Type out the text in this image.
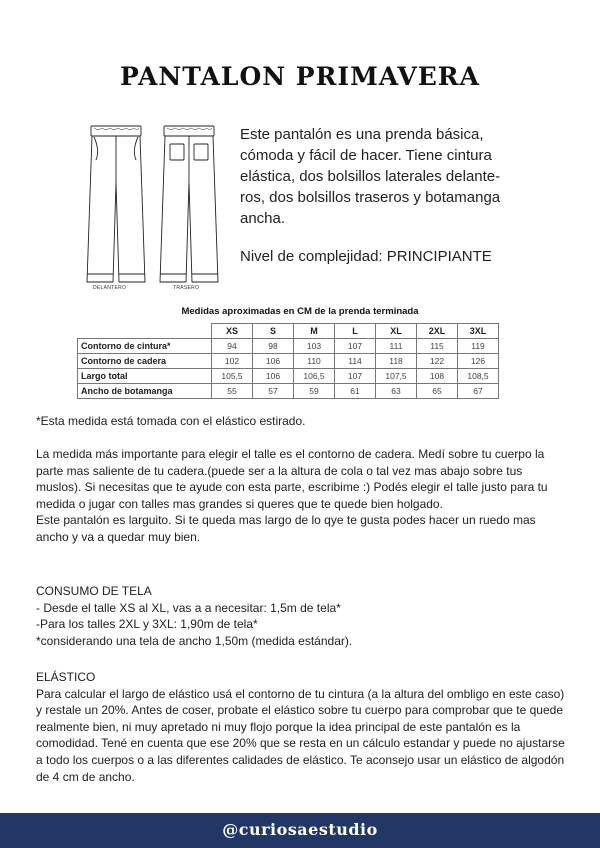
PANTALON PRIMAVERA
DELANTERO	TRASERO
Este pantalón es una prenda básica, cómoda y fácil de hacer. Tiene cintura elástica, dos bolsillos laterales delante-ros, dos bolsillos traseros y botamanga ancha.
Nivel de complejidad: PRINCIPIANTE
Medidas aproximadas en CM de la prenda terminada
	XS	S	M	L	XL	2XL	3XL
Contorno de cintura*	94	98	103	107	111	115	119
Contorno de cadera	102	106	110	114	118	122	126
Largo total	105,5	106	106,5	107	107,5	108	108,5
Ancho de botamanga	55	57	59	61	63	65	67
*Esta medida está tomada con el elástico estirado.

La medida más importante para elegir el talle es el contorno de cadera. Medí sobre tu cuerpo la parte mas saliente de tu cadera.(puede ser a la altura de cola o tal vez mas abajo sobre tus muslos). Si necesitas que te ayude con esta parte, escribime :) Podés elegir el talle justo para tu medida o jugar con talles mas grandes si queres que te quede bien holgado.

Este pantalón es larguito. Si te queda mas largo de lo qye te gusta podes hacer un ruedo mas ancho y va a quedar muy bien.

CONSUMO DE TELA

- Desde el talle XS al XL, vas a a necesitar: 1,5m de tela*

-Para los talles 2XL y 3XL: 1,90m de tela*

*considerando una tela de ancho 1,50m (medida estándar).

ELÁSTICO

Para calcular el largo de elástico usá el contorno de tu cintura (a la altura del ombligo en este caso) y restale un 20%. Antes de coser, probate el elástico sobre tu cuerpo para comprobar que te quede realmente bien, ni muy apretado ni muy flojo porque la idea principal de este pantalón es la comodidad. Tené en cuenta que ese 20% que se resta en un cálculo estandar y puede no ajustarse a todo los cuerpos o a las diferentes calidades de elástico. Te aconsejo usar un elástico de algodón de 4 cm de ancho.

@curiosaestudio
